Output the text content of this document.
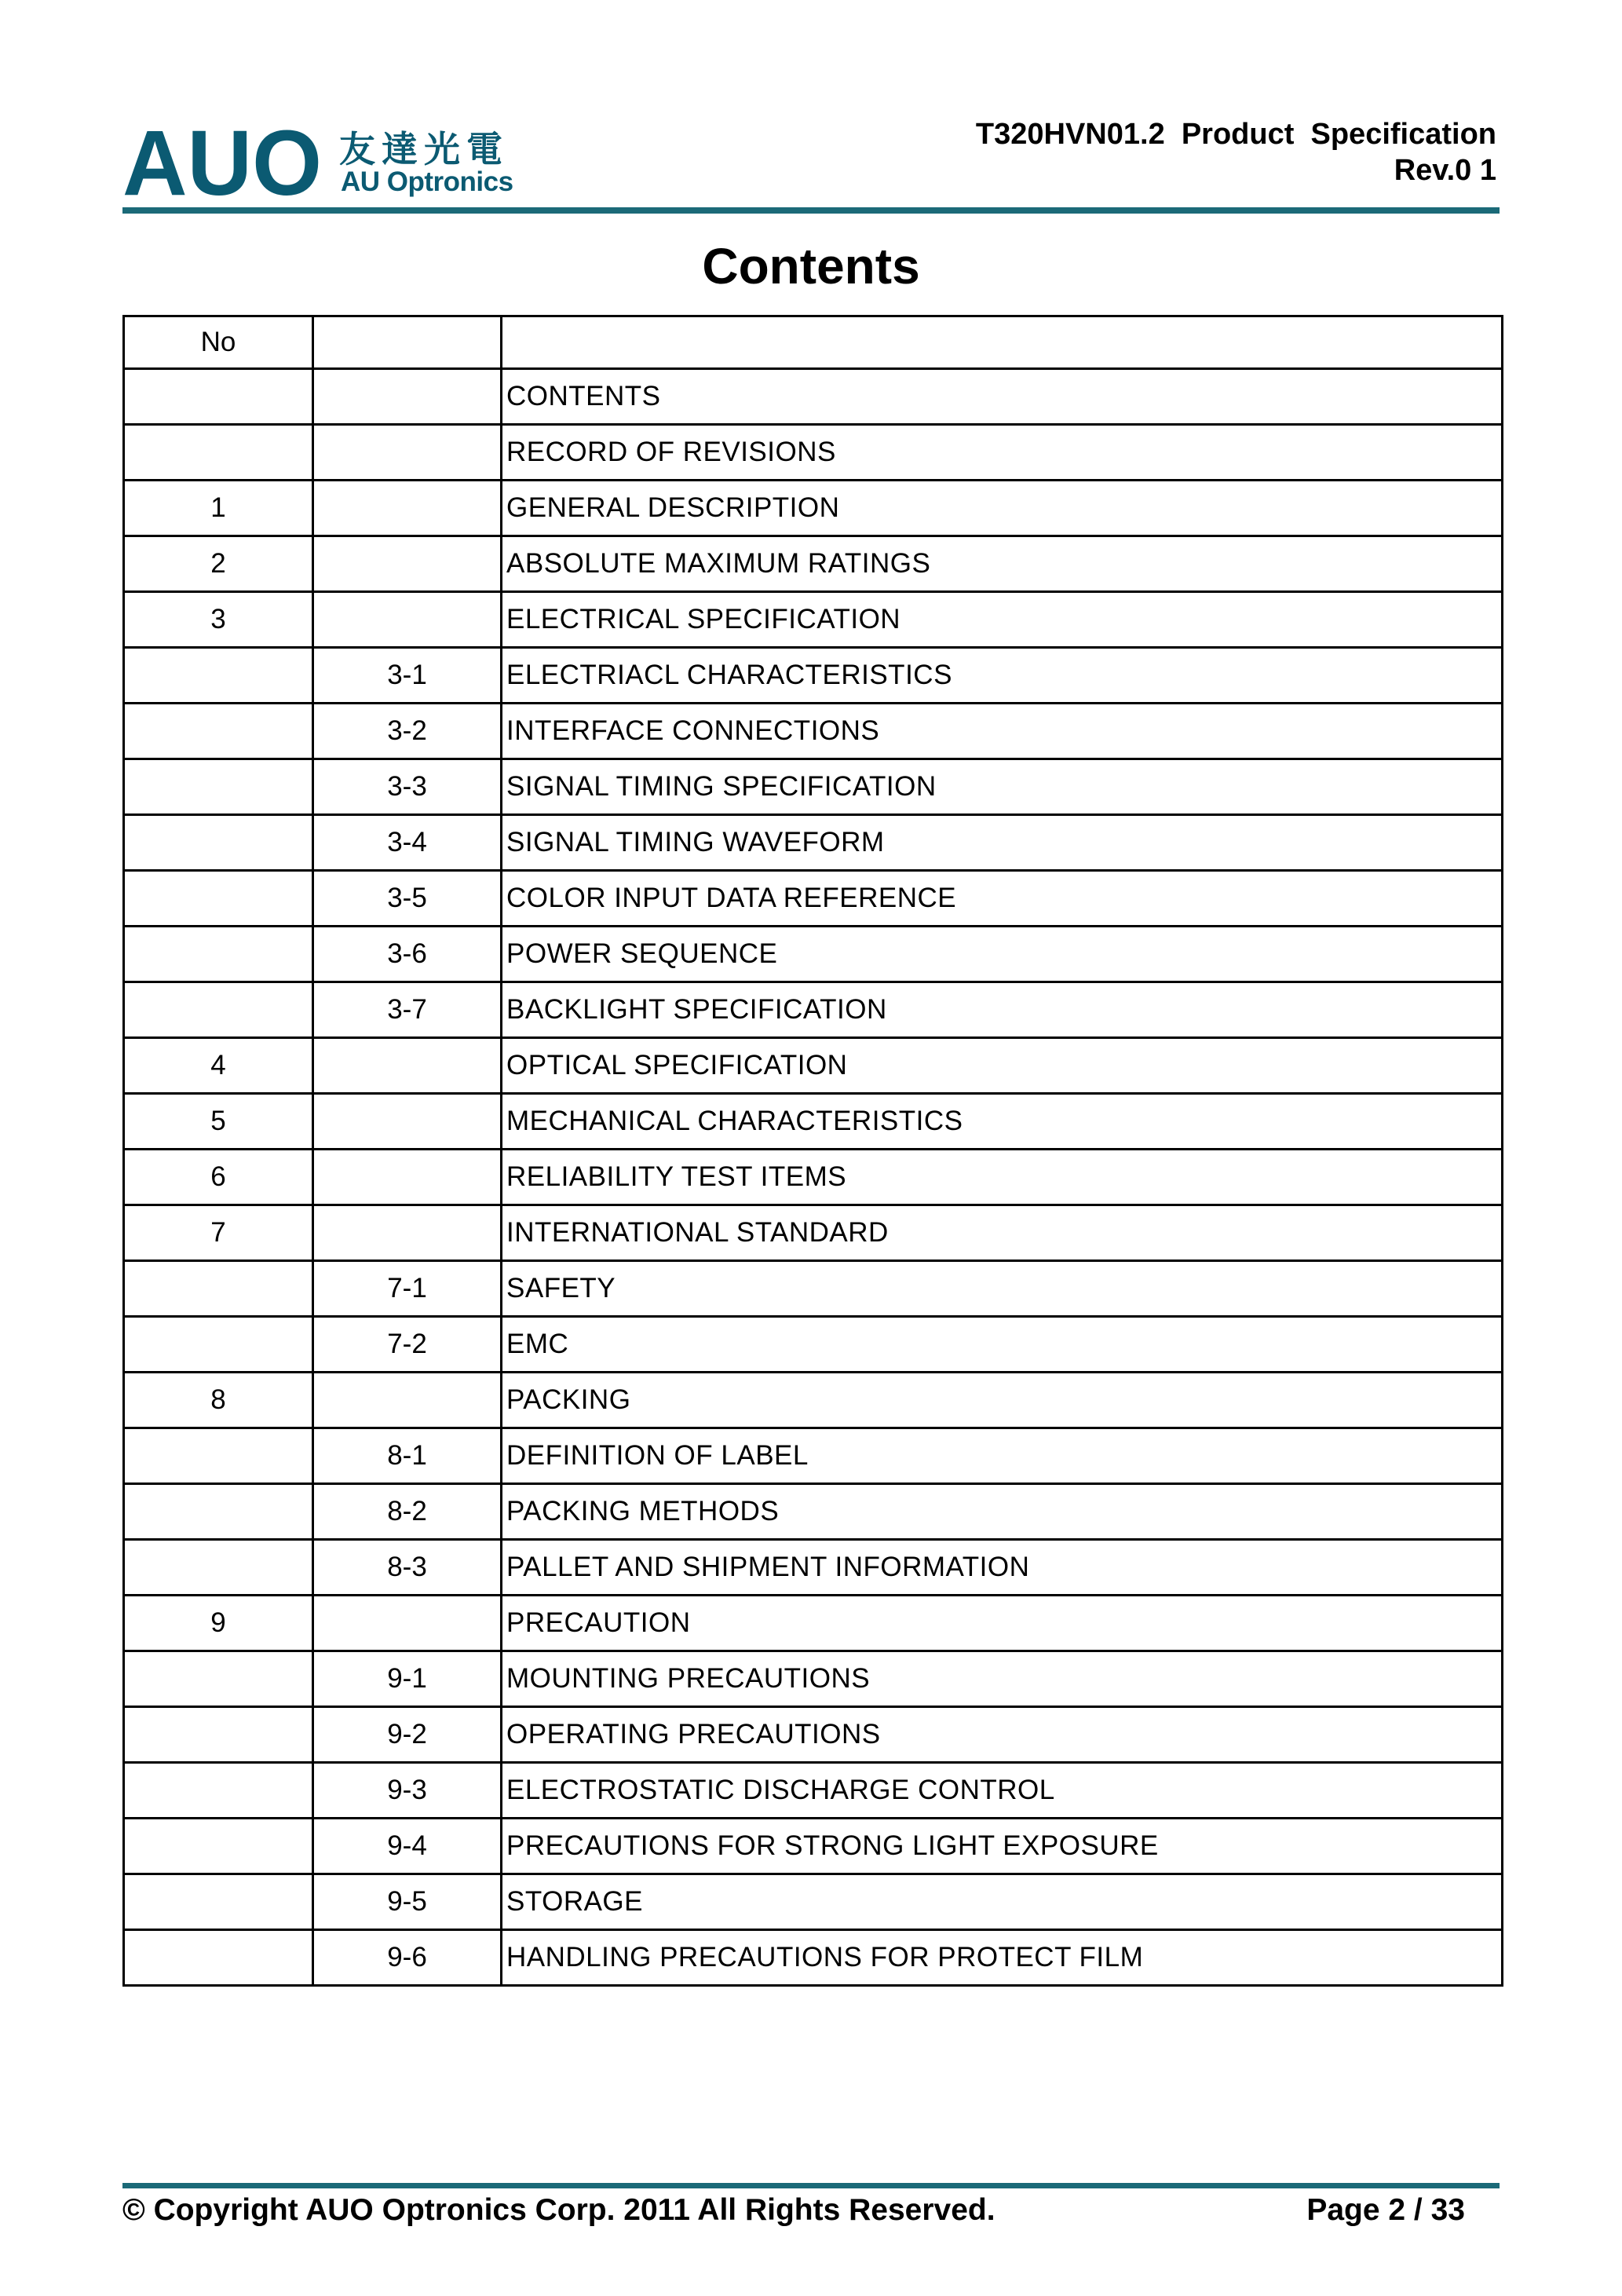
AUO 友達光電
AU Optronics
T320HVN01.2  Product  Specification
Rev.0 1
Contents
No		
		CONTENTS
		RECORD OF REVISIONS
1		GENERAL DESCRIPTION
2		ABSOLUTE MAXIMUM RATINGS
3		ELECTRICAL SPECIFICATION
	3-1	ELECTRIACL CHARACTERISTICS
	3-2	INTERFACE CONNECTIONS
	3-3	SIGNAL TIMING SPECIFICATION
	3-4	SIGNAL TIMING WAVEFORM
	3-5	COLOR INPUT DATA REFERENCE
	3-6	POWER SEQUENCE
	3-7	BACKLIGHT SPECIFICATION
4		OPTICAL SPECIFICATION
5		MECHANICAL CHARACTERISTICS
6		RELIABILITY TEST ITEMS
7		INTERNATIONAL STANDARD
	7-1	SAFETY
	7-2	EMC
8		PACKING
	8-1	DEFINITION OF LABEL
	8-2	PACKING METHODS
	8-3	PALLET AND SHIPMENT INFORMATION
9		PRECAUTION
	9-1	MOUNTING PRECAUTIONS
	9-2	OPERATING PRECAUTIONS
	9-3	ELECTROSTATIC DISCHARGE CONTROL
	9-4	PRECAUTIONS FOR STRONG LIGHT EXPOSURE
	9-5	STORAGE
	9-6	HANDLING PRECAUTIONS FOR PROTECT FILM
© Copyright AUO Optronics Corp. 2011 All Rights Reserved.	Page 2 / 33
